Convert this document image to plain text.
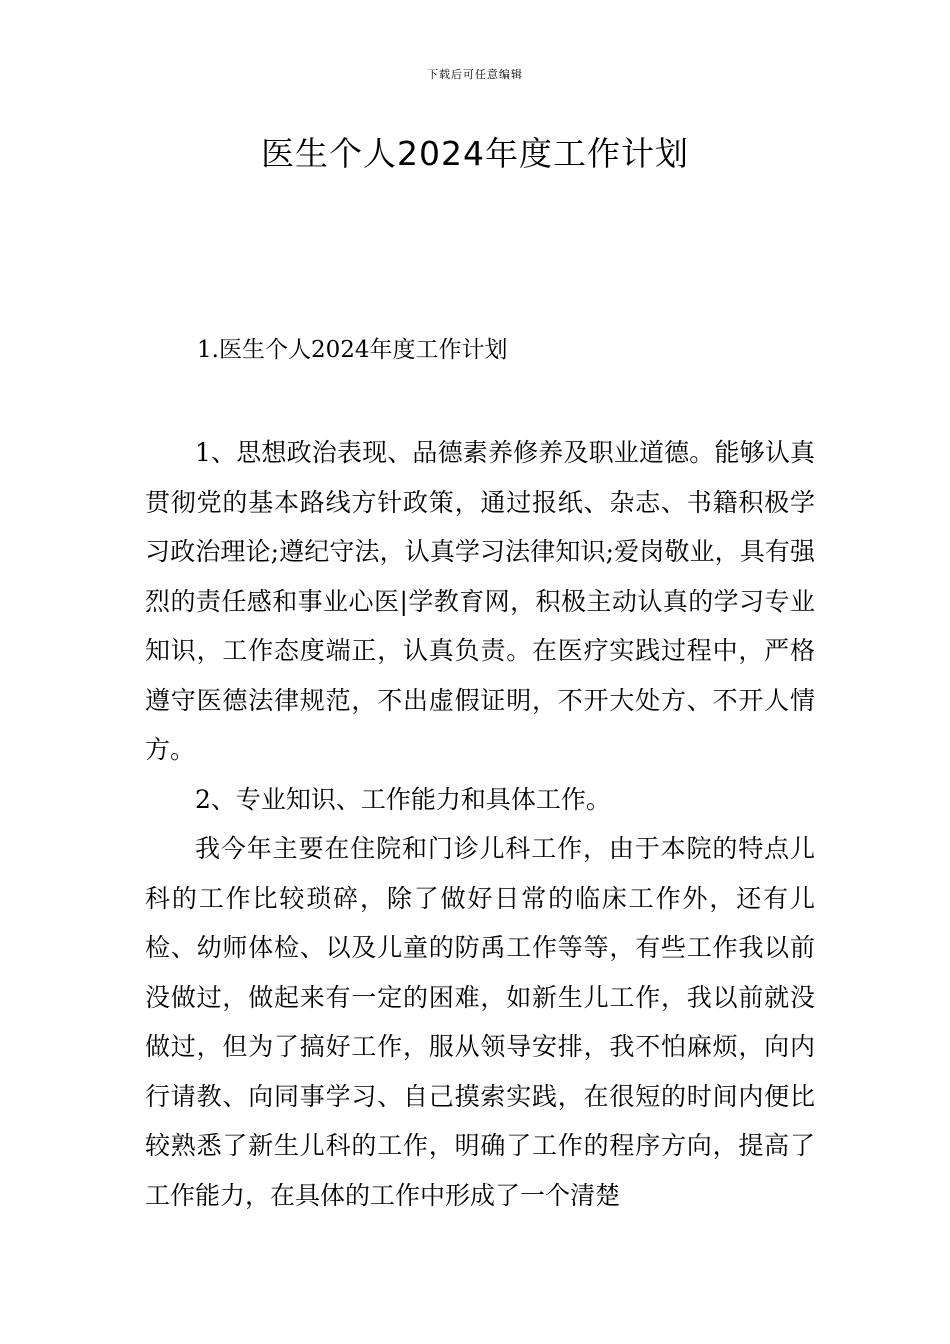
下载后可任意编辑
医生个人2024年度工作计划
1.医生个人2024年度工作计划

1、思想政治表现、品德素养修养及职业道德。能够认真贯彻党的基本路线方针政策，通过报纸、杂志、书籍积极学习政治理论;遵纪守法，认真学习法律知识;爱岗敬业，具有强烈的责任感和事业心医|学教育网，积极主动认真的学习专业知识，工作态度端正，认真负责。在医疗实践过程中，严格遵守医德法律规范，不出虚假证明，不开大处方、不开人情方。

2、专业知识、工作能力和具体工作。

我今年主要在住院和门诊儿科工作，由于本院的特点儿科的工作比较琐碎，除了做好日常的临床工作外，还有儿检、幼师体检、以及儿童的防禹工作等等，有些工作我以前没做过，做起来有一定的困难，如新生儿工作，我以前就没做过，但为了搞好工作，服从领导安排，我不怕麻烦，向内行请教、向同事学习、自己摸索实践，在很短的时间内便比较熟悉了新生儿科的工作，明确了工作的程序方向，提高了工作能力，在具体的工作中形成了一个清楚
